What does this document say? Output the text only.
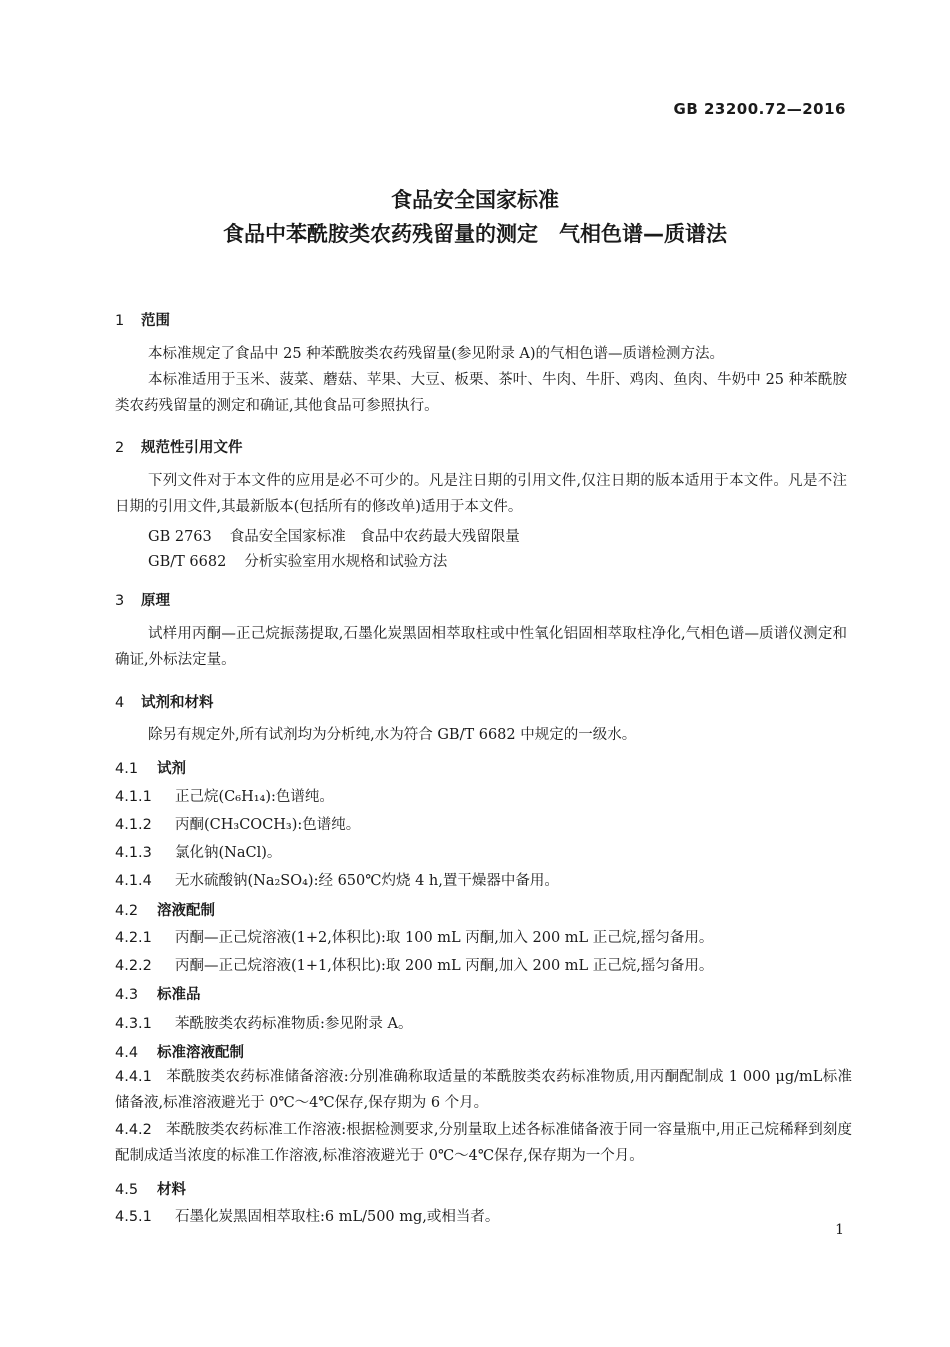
GB 23200.72—2016
食品安全国家标准
食品中苯酰胺类农药残留量的测定　气相色谱—质谱法
1 范围
本标准规定了食品中 25 种苯酰胺类农药残留量(参见附录 A)的气相色谱—质谱检测方法。
本标准适用于玉米、菠菜、蘑菇、苹果、大豆、板栗、茶叶、牛肉、牛肝、鸡肉、鱼肉、牛奶中 25 种苯酰胺类农药残留量的测定和确证,其他食品可参照执行。
2 规范性引用文件
下列文件对于本文件的应用是必不可少的。凡是注日期的引用文件,仅注日期的版本适用于本文件。凡是不注日期的引用文件,其最新版本(包括所有的修改单)适用于本文件。
GB 2763 食品安全国家标准　食品中农药最大残留限量
GB/T 6682 分析实验室用水规格和试验方法
3 原理
试样用丙酮—正己烷振荡提取,石墨化炭黑固相萃取柱或中性氧化铝固相萃取柱净化,气相色谱—质谱仪测定和确证,外标法定量。
4 试剂和材料
除另有规定外,所有试剂均为分析纯,水为符合 GB/T 6682 中规定的一级水。
4.1 试剂
4.1.1 正己烷(C₆H₁₄):色谱纯。
4.1.2 丙酮(CH₃COCH₃):色谱纯。
4.1.3 氯化钠(NaCl)。
4.1.4 无水硫酸钠(Na₂SO₄):经 650℃灼烧 4 h,置干燥器中备用。
4.2 溶液配制
4.2.1 丙酮—正己烷溶液(1+2,体积比):取 100 mL 丙酮,加入 200 mL 正己烷,摇匀备用。
4.2.2 丙酮—正己烷溶液(1+1,体积比):取 200 mL 丙酮,加入 200 mL 正己烷,摇匀备用。
4.3 标准品
4.3.1 苯酰胺类农药标准物质:参见附录 A。
4.4 标准溶液配制
4.4.1 苯酰胺类农药标准储备溶液:分别准确称取适量的苯酰胺类农药标准物质,用丙酮配制成 1 000 μg/mL标准储备液,标准溶液避光于 0℃～4℃保存,保存期为 6 个月。
4.4.2 苯酰胺类农药标准工作溶液:根据检测要求,分别量取上述各标准储备液于同一容量瓶中,用正己烷稀释到刻度配制成适当浓度的标准工作溶液,标准溶液避光于 0℃～4℃保存,保存期为一个月。
4.5 材料
4.5.1 石墨化炭黑固相萃取柱:6 mL/500 mg,或相当者。
1
